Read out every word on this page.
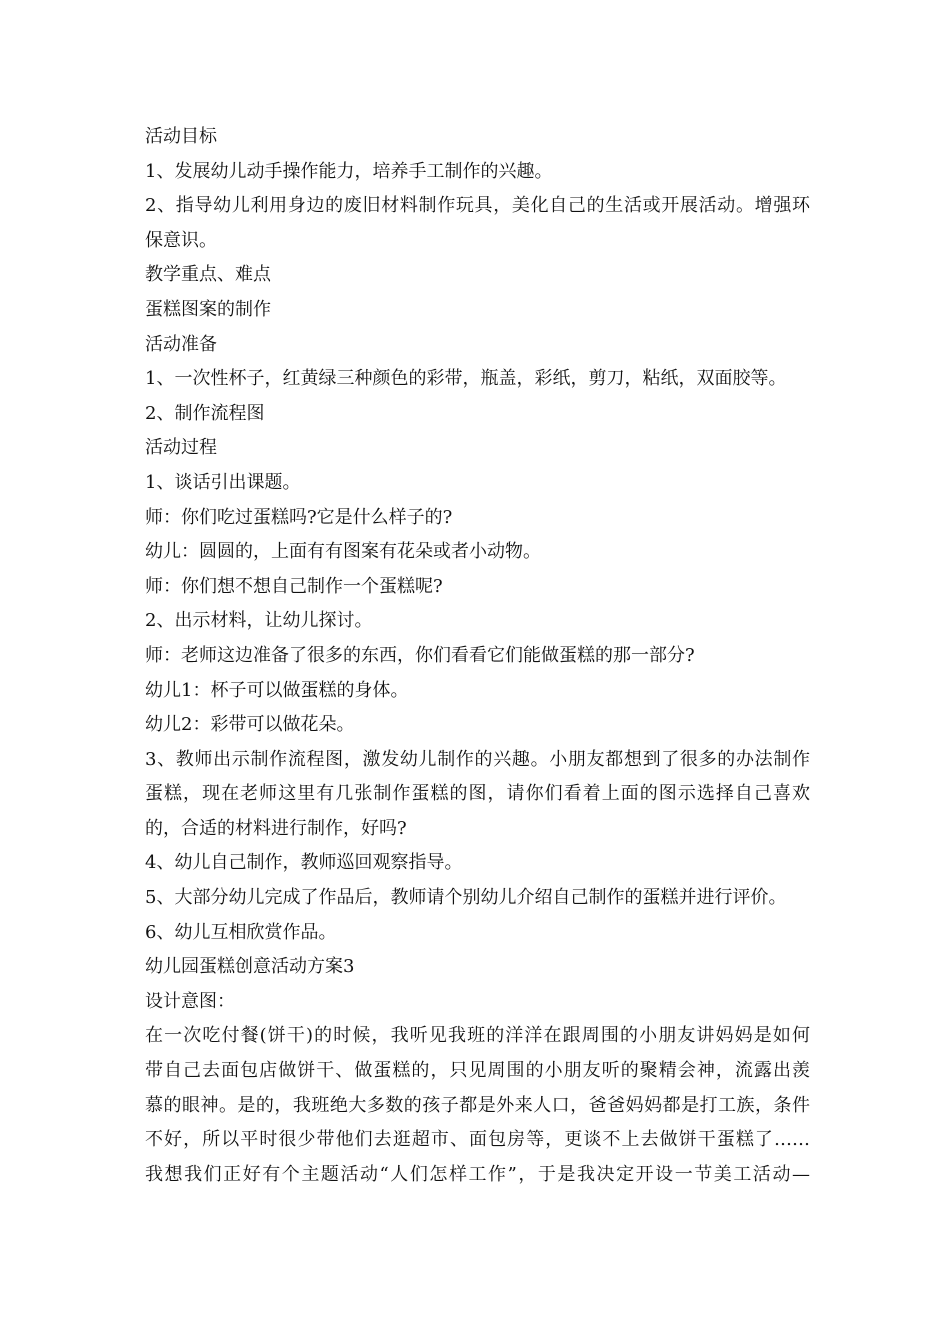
活动目标

1、发展幼儿动手操作能力，培养手工制作的兴趣。

2、指导幼儿利用身边的废旧材料制作玩具，美化自己的生活或开展活动。增强环

保意识。

教学重点、难点

蛋糕图案的制作

活动准备

1、一次性杯子，红黄绿三种颜色的彩带，瓶盖，彩纸，剪刀，粘纸，双面胶等。

2、制作流程图

活动过程

1、谈话引出课题。

师：你们吃过蛋糕吗?它是什么样子的?

幼儿：圆圆的，上面有有图案有花朵或者小动物。

师：你们想不想自己制作一个蛋糕呢?

2、出示材料，让幼儿探讨。

师：老师这边准备了很多的东西，你们看看它们能做蛋糕的那一部分?

幼儿1：杯子可以做蛋糕的身体。

幼儿2：彩带可以做花朵。

3、教师出示制作流程图，激发幼儿制作的兴趣。小朋友都想到了很多的办法制作

蛋糕，现在老师这里有几张制作蛋糕的图，请你们看着上面的图示选择自己喜欢

的，合适的材料进行制作，好吗?

4、幼儿自己制作，教师巡回观察指导。

5、大部分幼儿完成了作品后，教师请个别幼儿介绍自己制作的蛋糕并进行评价。

6、幼儿互相欣赏作品。

幼儿园蛋糕创意活动方案3

设计意图：

在一次吃付餐(饼干)的时候，我听见我班的洋洋在跟周围的小朋友讲妈妈是如何

带自己去面包店做饼干、做蛋糕的，只见周围的小朋友听的聚精会神，流露出羡

慕的眼神。是的，我班绝大多数的孩子都是外来人口，爸爸妈妈都是打工族，条件

不好，所以平时很少带他们去逛超市、面包房等，更谈不上去做饼干蛋糕了……

我想我们正好有个主题活动“人们怎样工作”，于是我决定开设一节美工活动—
